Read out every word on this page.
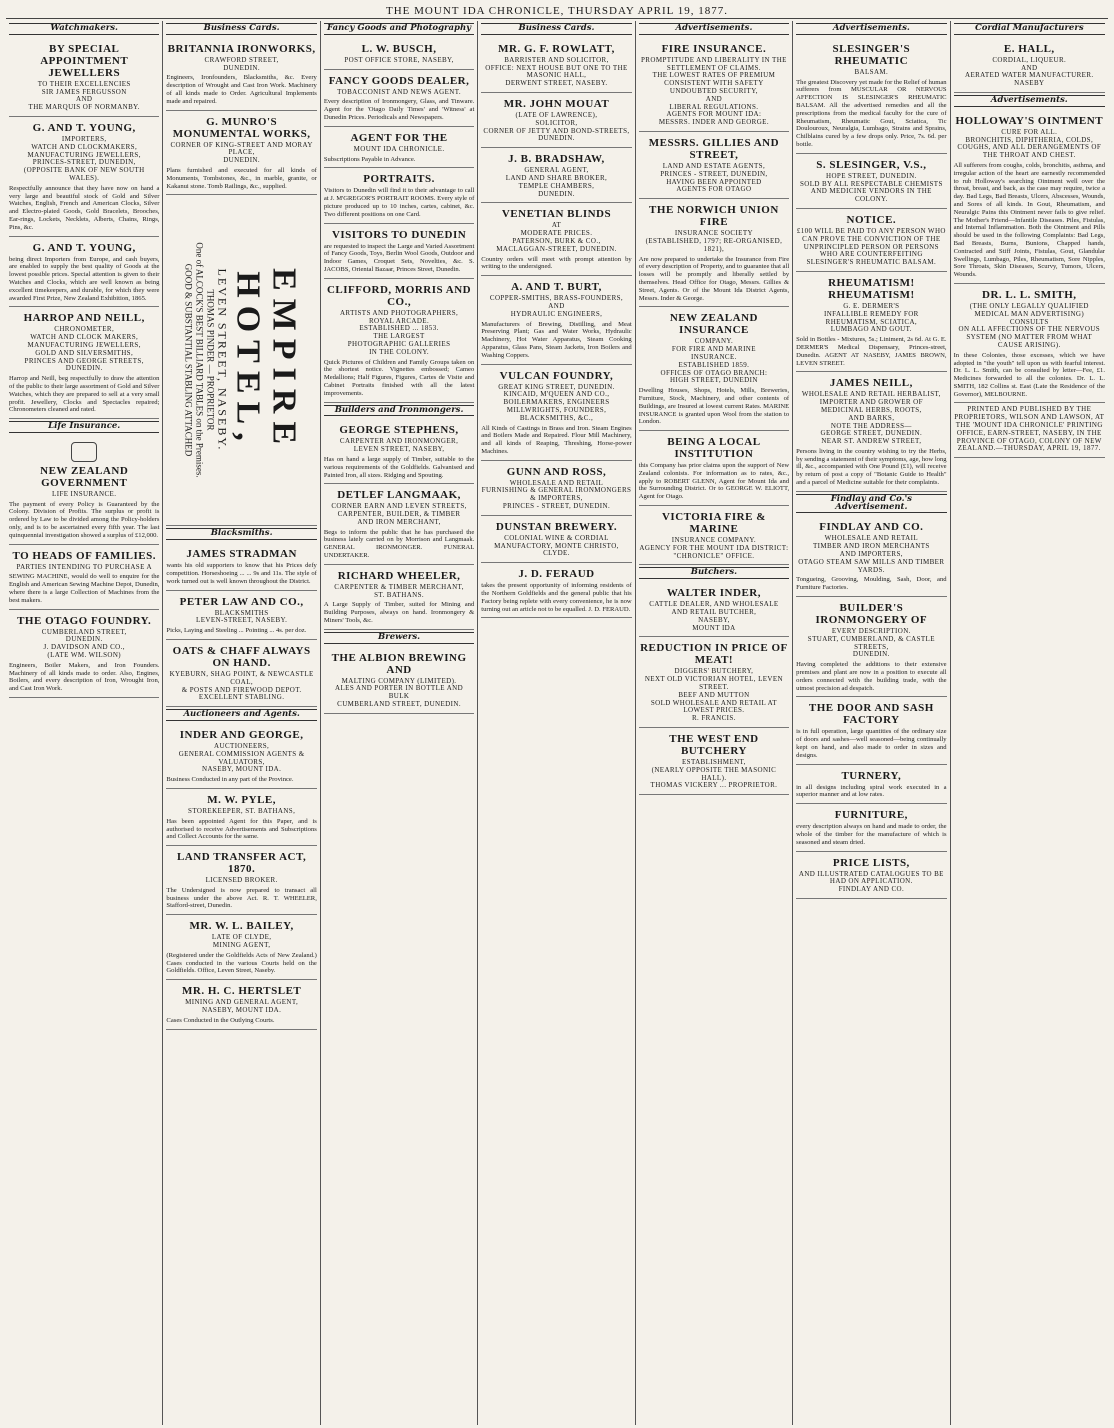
THE MOUNT IDA CHRONICLE, THURSDAY APRIL 19, 1877.
Watchmakers.
BY SPECIAL APPOINTMENT JEWELLERS
TO THEIR EXCELLENCIES
SIR JAMES FERGUSSON
AND
THE MARQUIS OF NORMANBY.
G. AND T. YOUNG,
IMPORTERS,
WATCH AND CLOCKMAKERS,
MANUFACTURING JEWELLERS,
PRINCES-STREET, DUNEDIN,
(OPPOSITE BANK OF NEW SOUTH WALES).
Respectfully announce that they have now on hand a very large and beautiful stock of Gold and Silver Watches, English, French and American Clocks, Silver and Electro-plated Goods, Gold Bracelets, Brooches, Ear-rings, Lockets, Necklets, Alberts, Chains, Rings, Pins, &c.
G. AND T. YOUNG,
being direct Importers from Europe, and cash buyers, are enabled to supply the best quality of Goods at the lowest possible prices. Special attention is given to their Watches and Clocks, which are well known as being excellent timekeepers, and durable, for which they were awarded First Prize, New Zealand Exhibition, 1865.
HARROP AND NEILL,
CHRONOMETER,
WATCH AND CLOCK MAKERS,
MANUFACTURING JEWELLERS,
GOLD AND SILVERSMITHS,
PRINCES AND GEORGE STREETS,
DUNEDIN.
Harrop and Neill, beg respectfully to draw the attention of the public to their large assortment of Gold and Silver Watches, which they are prepared to sell at a very small profit. Jewellery, Clocks and Spectacles repaired; Chronometers cleaned and rated.
Life Insurance.
NEW ZEALAND GOVERNMENT
LIFE INSURANCE.
The payment of every Policy is Guaranteed by the Colony. Division of Profits. The surplus or profit is ordered by Law to be divided among the Policy-holders only, and is to be ascertained every fifth year. The last quinquennial investigation showed a surplus of £12,000.
TO HEADS OF FAMILIES.
PARTIES INTENDING TO PURCHASE A
SEWING MACHINE, would do well to enquire for the English and American Sewing Machine Depot, Dunedin, where there is a large Collection of Machines from the best makers.
THE OTAGO FOUNDRY.
CUMBERLAND STREET,
DUNEDIN.
J. DAVIDSON AND CO.,
(LATE WM. WILSON)
Engineers, Boiler Makers, and Iron Founders. Machinery of all kinds made to order. Also, Engines, Boilers, and every description of Iron, Wrought Iron, and Cast Iron Work.
Business Cards.
BRITANNIA IRONWORKS,
CRAWFORD STREET,
DUNEDIN.
Engineers, Ironfounders, Blacksmiths, &c. Every description of Wrought and Cast Iron Work. Machinery of all kinds made to Order. Agricultural Implements made and repaired.
G. MUNRO'S MONUMENTAL WORKS,
CORNER OF KING-STREET AND MORAY PLACE,
DUNEDIN.
Plans furnished and executed for all kinds of Monuments, Tombstones, &c., in marble, granite, or Kakanui stone. Tomb Railings, &c., supplied.
EMPIRE HOTEL,
LEVEN STREET, NASEBY.
THOMAS PINDER — PROPRIETOR
One of ALCOCK'S BEST BILLIARD TABLES on the Premises.
GOOD & SUBSTANTIAL STABLING ATTACHED
Blacksmiths.
JAMES STRADMAN
wants his old supporters to know that his Prices defy competition. Horseshoeing ... ... 9s and 11s. The style of work turned out is well known throughout the District.
PETER LAW AND CO.,
BLACKSMITHS
LEVEN-STREET, NASEBY.
Picks, Laying and Steeling ... Pointing ... 4s. per doz.
OATS & CHAFF ALWAYS ON HAND.
KYEBURN, SHAG POINT, & NEWCASTLE COAL,
& POSTS AND FIREWOOD DEPOT.
EXCELLENT STABLING.
Auctioneers and Agents.
INDER AND GEORGE,
AUCTIONEERS,
GENERAL COMMISSION AGENTS & VALUATORS,
NASEBY, MOUNT IDA.
Business Conducted in any part of the Province.
M. W. PYLE,
STOREKEEPER, ST. BATHANS,
Has been appointed Agent for this Paper, and is authorised to receive Advertisements and Subscriptions and Collect Accounts for the same.
LAND TRANSFER ACT, 1870.
LICENSED BROKER.
The Undersigned is now prepared to transact all business under the above Act. R. T. WHEELER, Stafford-street, Dunedin.
MR. W. L. BAILEY,
LATE OF CLYDE,
MINING AGENT,
(Registered under the Goldfields Acts of New Zealand.) Cases conducted in the various Courts held on the Goldfields. Office, Leven Street, Naseby.
MR. H. C. HERTSLET
MINING AND GENERAL AGENT,
NASEBY, MOUNT IDA.
Cases Conducted in the Outlying Courts.
Fancy Goods and Photography
L. W. BUSCH,
POST OFFICE STORE, NASEBY,
FANCY GOODS DEALER,
TOBACCONIST AND NEWS AGENT.
Every description of Ironmongery, Glass, and Tinware. Agent for the 'Otago Daily Times' and 'Witness' at Dunedin Prices. Periodicals and Newspapers.
AGENT FOR THE
MOUNT IDA CHRONICLE.
Subscriptions Payable in Advance.
PORTRAITS.
Visitors to Dunedin will find it to their advantage to call at J. M'GREGOR'S PORTRAIT ROOMS. Every style of picture produced up to 10 inches, cartes, cabinet, &c. Two different positions on one Card.
VISITORS TO DUNEDIN
are requested to inspect the Large and Varied Assortment of Fancy Goods, Toys, Berlin Wool Goods, Outdoor and Indoor Games, Croquet Sets, Novelties, &c. S. JACOBS, Oriental Bazaar, Princes Street, Dunedin.
CLIFFORD, MORRIS AND CO.,
ARTISTS AND PHOTOGRAPHERS,
ROYAL ARCADE.
ESTABLISHED ... 1853.
THE LARGEST
PHOTOGRAPHIC GALLERIES
IN THE COLONY.
Quick Pictures of Children and Family Groups taken on the shortest notice. Vignettes embossed; Cameo Medallions; Half Figures, Figures, Cartes de Visite and Cabinet Portraits finished with all the latest improvements.
Builders and Ironmongers.
GEORGE STEPHENS,
CARPENTER AND IRONMONGER,
LEVEN STREET, NASEBY,
Has on hand a large supply of Timber, suitable to the various requirements of the Goldfields. Galvanised and Painted Iron, all sizes. Ridging and Spouting.
DETLEF LANGMAAK,
CORNER EARN AND LEVEN STREETS,
CARPENTER, BUILDER, & TIMBER
AND IRON MERCHANT,
Begs to inform the public that he has purchased the business lately carried on by Morrison and Langmaak. GENERAL IRONMONGER. FUNERAL UNDERTAKER.
RICHARD WHEELER,
CARPENTER & TIMBER MERCHANT,
ST. BATHANS.
A Large Supply of Timber, suited for Mining and Building Purposes, always on hand. Ironmongery & Miners' Tools, &c.
Brewers.
THE ALBION BREWING AND
MALTING COMPANY (LIMITED).
ALES AND PORTER IN BOTTLE AND BULK
CUMBERLAND STREET, DUNEDIN.
Business Cards.
MR. G. F. ROWLATT,
BARRISTER AND SOLICITOR,
OFFICE: NEXT HOUSE BUT ONE TO THE MASONIC HALL,
DERWENT STREET, NASEBY.
MR. JOHN MOUAT
(LATE OF LAWRENCE),
SOLICITOR,
CORNER OF JETTY AND BOND-STREETS,
DUNEDIN.
J. B. BRADSHAW,
GENERAL AGENT,
LAND AND SHARE BROKER,
TEMPLE CHAMBERS,
DUNEDIN.
VENETIAN BLINDS
AT
MODERATE PRICES.
PATERSON, BURK & CO.,
MACLAGGAN-STREET, DUNEDIN.
Country orders will meet with prompt attention by writing to the undersigned.
A. AND T. BURT,
COPPER-SMITHS, BRASS-FOUNDERS, AND
HYDRAULIC ENGINEERS,
Manufacturers of Brewing, Distilling, and Meat Preserving Plant; Gas and Water Works, Hydraulic Machinery, Hot Water Apparatus, Steam Cooking Apparatus, Glass Pans, Steam Jackets, Iron Boilers and Washing Coppers.
VULCAN FOUNDRY,
GREAT KING STREET, DUNEDIN.
KINCAID, M'QUEEN AND CO.,
BOILERMAKERS, ENGINEERS
MILLWRIGHTS, FOUNDERS, BLACKSMITHS, &C.,
All Kinds of Castings in Brass and Iron. Steam Engines and Boilers Made and Repaired. Flour Mill Machinery, and all kinds of Reaping, Threshing, Horse-power Machines.
GUNN AND ROSS,
WHOLESALE AND RETAIL
FURNISHING & GENERAL IRONMONGERS & IMPORTERS,
PRINCES - STREET, DUNEDIN.
DUNSTAN BREWERY.
COLONIAL WINE & CORDIAL MANUFACTORY, MONTE CHRISTO,
CLYDE.
J. D. FERAUD
takes the present opportunity of informing residents of the Northern Goldfields and the general public that his Factory being replete with every convenience, he is now turning out an article not to be equalled. J. D. FERAUD.
Advertisements.
FIRE INSURANCE.
PROMPTITUDE AND LIBERALITY IN THE
SETTLEMENT OF CLAIMS.
THE LOWEST RATES OF PREMIUM
CONSISTENT WITH SAFETY
UNDOUBTED SECURITY,
AND
LIBERAL REGULATIONS.
AGENTS FOR MOUNT IDA:
MESSRS. INDER AND GEORGE.
MESSRS. GILLIES AND STREET,
LAND AND ESTATE AGENTS,
PRINCES - STREET, DUNEDIN,
HAVING BEEN APPOINTED
AGENTS FOR OTAGO
THE NORWICH UNION FIRE
INSURANCE SOCIETY
(ESTABLISHED, 1797; RE-ORGANISED, 1821),
Are now prepared to undertake the Insurance from Fire of every description of Property, and to guarantee that all losses will be promptly and liberally settled by themselves. Head Office for Otago, Messrs. Gillies & Street, Agents. Or of the Mount Ida District Agents, Messrs. Inder & George.
NEW ZEALAND INSURANCE
COMPANY.
FOR FIRE AND MARINE
INSURANCE.
ESTABLISHED 1859.
OFFICES OF OTAGO BRANCH:
HIGH STREET, DUNEDIN
Dwelling Houses, Shops, Hotels, Mills, Breweries, Furniture, Stock, Machinery, and other contents of Buildings, are Insured at lowest current Rates. MARINE INSURANCE is granted upon Wool from the station to London.
BEING A LOCAL INSTITUTION
this Company has prior claims upon the support of New Zealand colonists. For information as to rates, &c., apply to ROBERT GLENN, Agent for Mount Ida and the Surrounding District. Or to GEORGE W. ELIOTT, Agent for Otago.
VICTORIA FIRE & MARINE
INSURANCE COMPANY.
AGENCY FOR THE MOUNT IDA DISTRICT:
"CHRONICLE" OFFICE.
Butchers.
WALTER INDER,
CATTLE DEALER, AND WHOLESALE
AND RETAIL BUTCHER,
NASEBY,
MOUNT IDA
REDUCTION IN PRICE OF MEAT!
DIGGERS' BUTCHERY,
NEXT OLD VICTORIAN HOTEL, LEVEN STREET.
BEEF AND MUTTON
SOLD WHOLESALE AND RETAIL AT LOWEST PRICES.
R. FRANCIS.
THE WEST END BUTCHERY
ESTABLISHMENT,
(NEARLY OPPOSITE THE MASONIC HALL).
THOMAS VICKERY ... PROPRIETOR.
Advertisements.
SLESINGER'S RHEUMATIC
BALSAM.
The greatest Discovery yet made for the Relief of human sufferers from MUSCULAR OR NERVOUS AFFECTION IS SLESINGER'S RHEUMATIC BALSAM. All the advertised remedies and all the prescriptions from the medical faculty for the cure of Rheumatism, Rheumatic Gout, Sciatica, Tic Doulouroux, Neuralgia, Lumbago, Strains and Sprains, Chilblains cured by a few drops only. Price, 7s. 6d. per bottle.
S. SLESINGER, V.S.,
HOPE STREET, DUNEDIN.
SOLD BY ALL RESPECTABLE CHEMISTS AND MEDICINE VENDORS IN THE COLONY.
NOTICE.
£100 WILL BE PAID TO ANY PERSON WHO CAN PROVE THE CONVICTION OF THE UNPRINCIPLED PERSON OR PERSONS WHO ARE COUNTERFEITING SLESINGER'S RHEUMATIC BALSAM.
RHEUMATISM! RHEUMATISM!
G. E. DERMER'S
INFALLIBLE REMEDY FOR
RHEUMATISM, SCIATICA,
LUMBAGO AND GOUT.
Sold in Bottles - Mixtures, 5s.; Liniment, 2s 6d. At G. E. DERMER'S Medical Dispensary, Princes-street, Dunedin. AGENT AT NASEBY, JAMES BROWN, LEVEN STREET.
JAMES NEILL,
WHOLESALE AND RETAIL HERBALIST,
IMPORTER AND GROWER OF
MEDICINAL HERBS, ROOTS,
AND BARKS,
NOTE THE ADDRESS—
GEORGE STREET, DUNEDIN.
NEAR ST. ANDREW STREET,
Persons living in the country wishing to try the Herbs, by sending a statement of their symptoms, age, how long ill, &c., accompanied with One Pound (£1), will receive by return of post a copy of "Botanic Guide to Health" and a parcel of Medicine suitable for their complaints.
Findlay and Co.'s Advertisement.
FINDLAY AND CO.
WHOLESALE AND RETAIL
TIMBER AND IRON MERCHANTS
AND IMPORTERS,
OTAGO STEAM SAW MILLS AND TIMBER YARDS.
Tongueing, Grooving, Moulding, Sash, Door, and Furniture Factories.
BUILDER'S IRONMONGERY OF
EVERY DESCRIPTION.
STUART, CUMBERLAND, & CASTLE STREETS,
DUNEDIN.
Having completed the additions to their extensive premises and plant are now in a position to execute all orders connected with the building trade, with the utmost precision ad despatch.
THE DOOR AND SASH FACTORY
is in full operation, large quantities of the ordinary size of doors and sashes—well seasoned—being continually kept on hand, and also made to order in sizes and designs.
TURNERY,
in all designs including spiral work executed in a superior manner and at low rates.
FURNITURE,
every description always on hand and made to order, the whole of the timber for the manufacture of which is seasoned and steam dried.
PRICE LISTS,
AND ILLUSTRATED CATALOGUES TO BE HAD ON APPLICATION.
FINDLAY AND CO.
Cordial Manufacturers
E. HALL,
CORDIAL, LIQUEUR.
AND
AERATED WATER MANUFACTURER.
NASEBY
Advertisements.
HOLLOWAY'S OINTMENT
CURE FOR ALL.
BRONCHITIS, DIPHTHERIA, COLDS, COUGHS, AND ALL DERANGEMENTS OF THE THROAT AND CHEST.
All sufferers from coughs, colds, bronchitis, asthma, and irregular action of the heart are earnestly recommended to rub Holloway's searching Ointment well over the throat, breast, and back, as the case may require, twice a day. Bad Legs, Bad Breasts, Ulcers, Abscesses, Wounds, and Sores of all kinds. In Gout, Rheumatism, and Neuralgic Pains this Ointment never fails to give relief. The Mother's Friend—Infantile Diseases. Piles, Fistulas, and Internal Inflammation. Both the Ointment and Pills should be used in the following Complaints: Bad Legs, Bad Breasts, Burns, Bunions, Chapped hands, Contracted and Stiff Joints, Fistulas, Gout, Glandular Swellings, Lumbago, Piles, Rheumatism, Sore Nipples, Sore Throats, Skin Diseases, Scurvy, Tumors, Ulcers, Wounds.
DR. L. L. SMITH,
(THE ONLY LEGALLY QUALIFIED MEDICAL MAN ADVERTISING)
CONSULTS
ON ALL AFFECTIONS OF THE NERVOUS SYSTEM (NO MATTER FROM WHAT CAUSE ARISING).
In these Colonies, those excesses, which we have adopted in "the youth" tell upon us with fearful interest. Dr. L. L. Smith, can be consulted by letter—Fee, £1. Medicines forwarded to all the colonies. Dr. L. L. SMITH, 182 Collins st. East (Late the Residence of the Governor), MELBOURNE.
PRINTED AND PUBLISHED BY THE PROPRIETORS, WILSON AND LAWSON, AT THE 'MOUNT IDA CHRONICLE' PRINTING OFFICE, EARN-STREET, NASEBY, IN THE PROVINCE OF OTAGO, COLONY OF NEW ZEALAND.—THURSDAY, APRIL 19, 1877.
